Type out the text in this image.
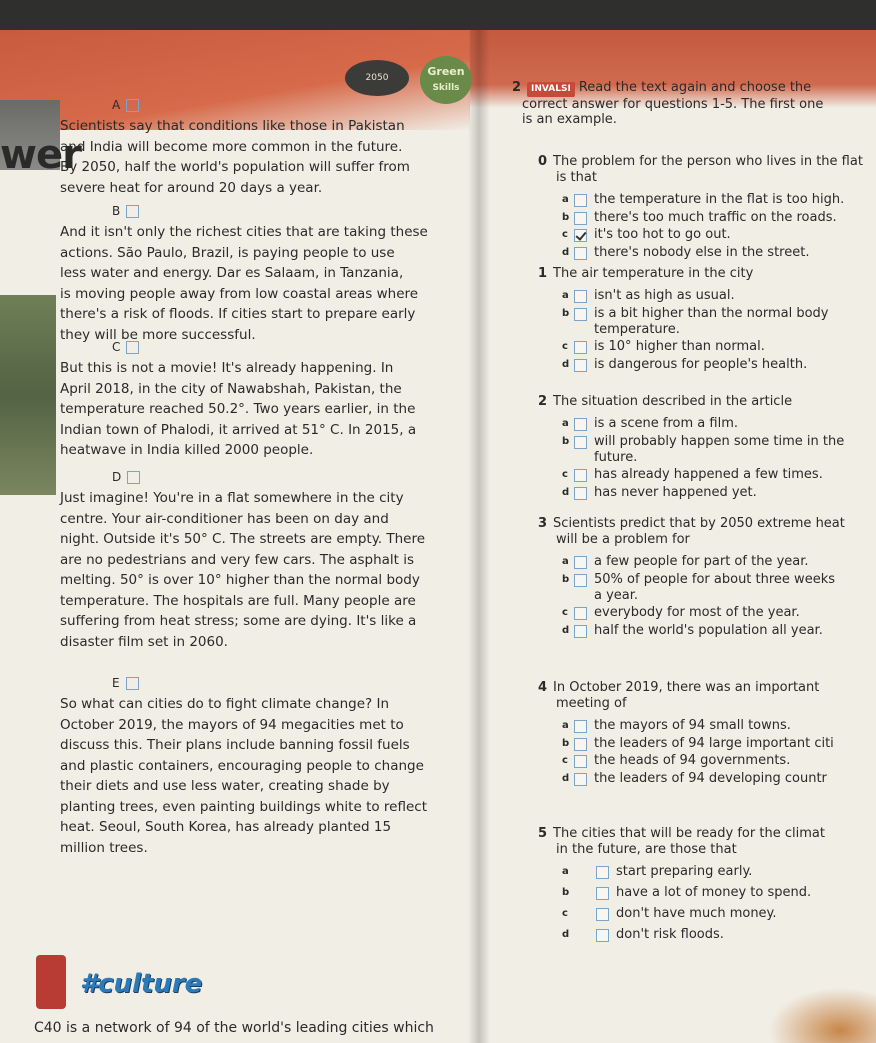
2050	Green
Skills
wer
A
Scientists say that conditions like those in Pakistan
and India will become more common in the future.
By 2050, half the world's population will suffer from
severe heat for around 20 days a year.
B
And it isn't only the richest cities that are taking these
actions. São Paulo, Brazil, is paying people to use
less water and energy. Dar es Salaam, in Tanzania,
is moving people away from low coastal areas where
there's a risk of floods. If cities start to prepare early
they will be more successful.
C
But this is not a movie! It's already happening. In
April 2018, in the city of Nawabshah, Pakistan, the
temperature reached 50.2°. Two years earlier, in the
Indian town of Phalodi, it arrived at 51° C. In 2015, a
heatwave in India killed 2000 people.
D
Just imagine! You're in a flat somewhere in the city
centre. Your air-conditioner has been on day and
night. Outside it's 50° C. The streets are empty. There
are no pedestrians and very few cars. The asphalt is
melting. 50° is over 10° higher than the normal body
temperature. The hospitals are full. Many people are
suffering from heat stress; some are dying. It's like a
disaster film set in 2060.
E
So what can cities do to fight climate change? In
October 2019, the mayors of 94 megacities met to
discuss this. Their plans include banning fossil fuels
and plastic containers, encouraging people to change
their diets and use less water, creating shade by
planting trees, even painting buildings white to reflect
heat. Seoul, South Korea, has already planted 15
million trees.
2 INVALSI Read the text again and choose the
correct answer for questions 1-5. The first one
is an example.
0 The problem for the person who lives in the flat
is that
a the temperature in the flat is too high.
b there's too much traffic on the roads.
c it's too hot to go out.
d there's nobody else in the street.
1 The air temperature in the city
a isn't as high as usual.
b is a bit higher than the normal body
temperature.
c is 10° higher than normal.
d is dangerous for people's health.
2 The situation described in the article
a is a scene from a film.
b will probably happen some time in the
future.
c has already happened a few times.
d has never happened yet.
3 Scientists predict that by 2050 extreme heat
will be a problem for
a a few people for part of the year.
b 50% of people for about three weeks
a year.
c everybody for most of the year.
d half the world's population all year.
4 In October 2019, there was an important
meeting of
a the mayors of 94 small towns.
b the leaders of 94 large important citi
c the heads of 94 governments.
d the leaders of 94 developing countr
5 The cities that will be ready for the climat
in the future, are those that
a	start preparing early.
b	have a lot of money to spend.
c	don't have much money.
d	don't risk floods.
#culture
C40 is a network of 94 of the world's leading cities which
